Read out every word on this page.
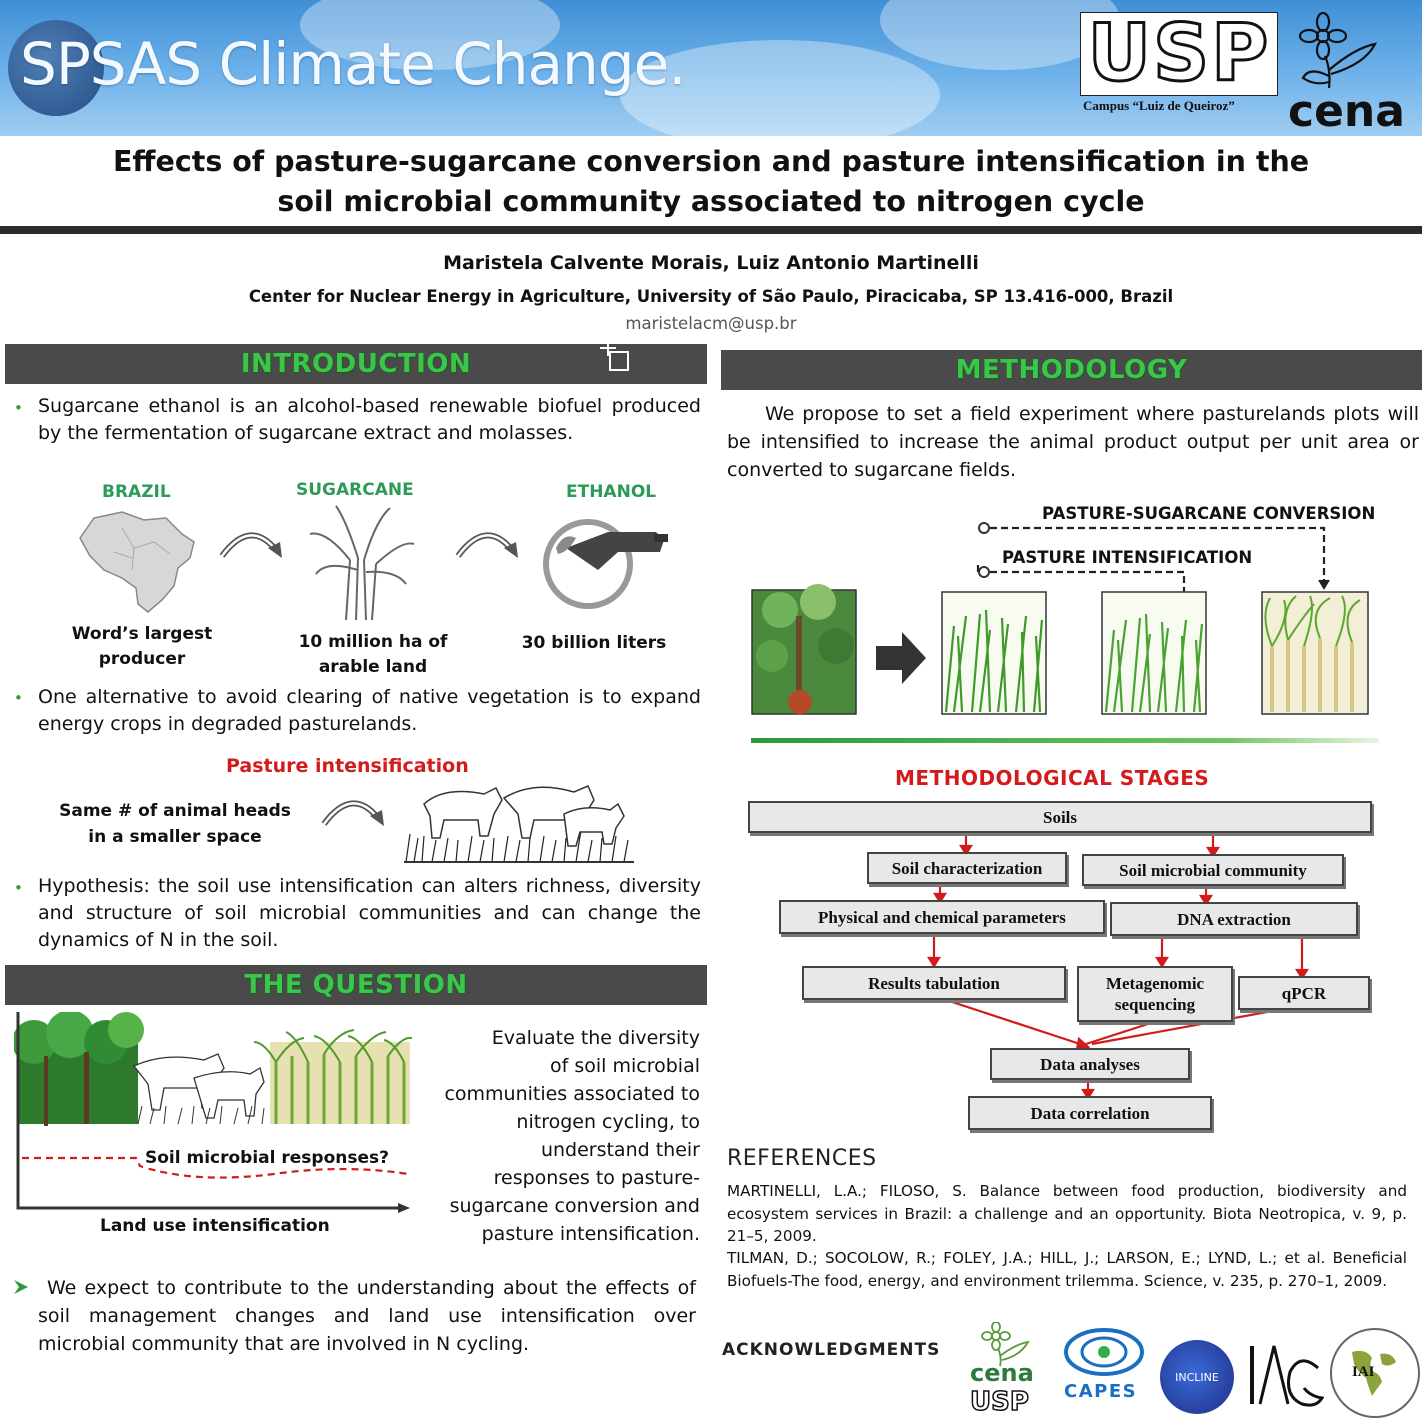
SPSAS Climate Change.	USP
Campus “Luiz de Queiroz” cena
Effects of pasture-sugarcane conversion and pasture intensification in the
soil microbial community associated to nitrogen cycle
Maristela Calvente Morais, Luiz Antonio Martinelli
Center for Nuclear Energy in Agriculture, University of São Paulo, Piracicaba, SP 13.416-000, Brazil
maristelacm@usp.br
INTRODUCTION
• Sugarcane ethanol is an alcohol-based renewable biofuel produced by the fermentation of sugarcane extract and molasses.
BRAZIL	SUGARCANE	ETHANOL
Word’s largest
producer
10 million ha of
arable land
30 billion liters
• One alternative to avoid clearing of native vegetation is to expand energy crops in degraded pasturelands.
Pasture intensification
Same # of animal heads
in a smaller space
• Hypothesis: the soil use intensification can alters richness, diversity and structure of soil microbial communities and can change the dynamics of N in the soil.
THE QUESTION
Soil microbial responses?
Land use intensification
Evaluate the diversity
of soil microbial
communities associated to
nitrogen cycling, to
understand their
responses to pasture-
sugarcane conversion and
pasture intensification.
We expect to contribute to the understanding about the effects of soil management changes and land use intensification over microbial community that are involved in N cycling.
METHODOLOGY
We propose to set a field experiment where pasturelands plots will be intensified to increase the animal product output per unit area or converted to sugarcane fields.
PASTURE-SUGARCANE CONVERSION
PASTURE INTENSIFICATION
METHODOLOGICAL STAGES
Soils
Soil characterization	Soil microbial community
Physical and chemical parameters	DNA extraction
Results tabulation	Metagenomic
sequencing
qPCR
Data analyses
Data correlation
REFERENCES
MARTINELLI, L.A.; FILOSO, S. Balance between food production, biodiversity and ecosystem services in Brazil: a challenge and an opportunity. Biota Neotropica, v. 9, p. 21–5, 2009.
TILMAN, D.; SOCOLOW, R.; FOLEY, J.A.; HILL, J.; LARSON, E.; LYND, L.; et al. Beneficial Biofuels-The food, energy, and environment trilemma. Science, v. 235, p. 270–1, 2009.
ACKNOWLEDGMENTS
cena
USP CAPES
INCLINE	IAI
